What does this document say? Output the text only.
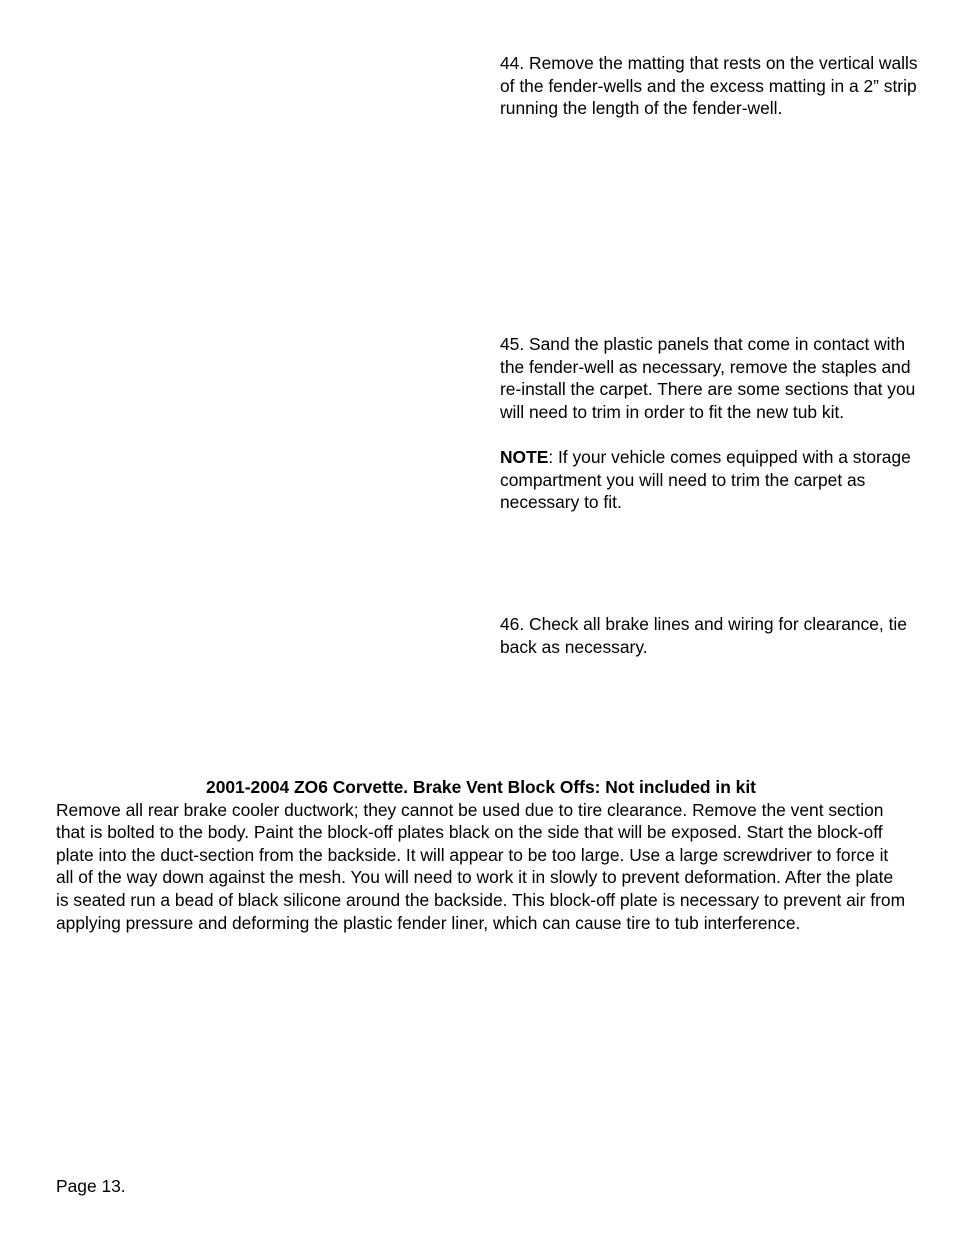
44. Remove the matting that rests on the vertical walls of the fender-wells and the excess matting in a 2” strip running the length of the fender-well.

45. Sand the plastic panels that come in contact with the fender-well as necessary, remove the staples and re-install the carpet. There are some sections that you will need to trim in order to fit the new tub kit.

NOTE: If your vehicle comes equipped with a storage compartment you will need to trim the carpet as necessary to fit.

46. Check all brake lines and wiring for clearance, tie back as necessary.

2001-2004 ZO6 Corvette. Brake Vent Block Offs: Not included in kit

Remove all rear brake cooler ductwork; they cannot be used due to tire clearance. Remove the vent section that is bolted to the body. Paint the block-off plates black on the side that will be exposed. Start the block-off plate into the duct-section from the backside. It will appear to be too large. Use a large screwdriver to force it all of the way down against the mesh. You will need to work it in slowly to prevent deformation. After the plate is seated run a bead of black silicone around the backside. This block-off plate is necessary to prevent air from applying pressure and deforming the plastic fender liner, which can cause tire to tub interference.

Page 13.
